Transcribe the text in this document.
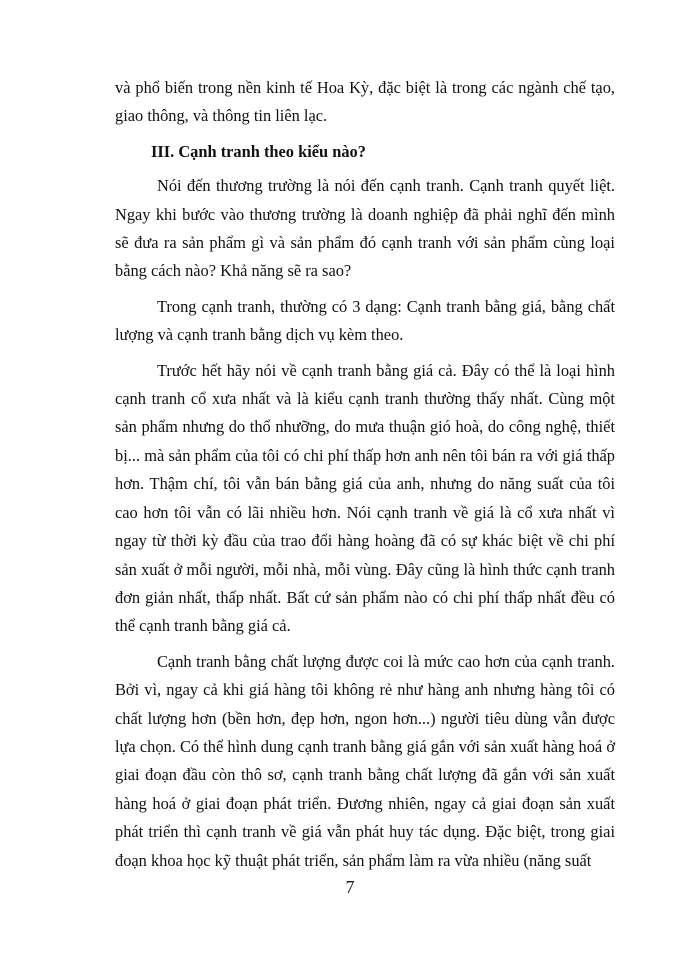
và phổ biến trong nền kinh tế Hoa Kỳ, đặc biệt là trong các ngành chế tạo, giao thông, và thông tin liên lạc.

III. Cạnh tranh theo kiểu nào?

Nói đến thương trường là nói đến cạnh tranh. Cạnh tranh quyết liệt. Ngay khi bước vào thương trường là doanh nghiệp đã phải nghĩ đến mình sẽ đưa ra sản phẩm gì và sản phẩm đó cạnh tranh với sản phẩm cùng loại bằng cách nào? Khả năng sẽ ra sao?

Trong cạnh tranh, thường có 3 dạng: Cạnh tranh bằng giá, bằng chất lượng và cạnh tranh bằng dịch vụ kèm theo.

Trước hết hãy nói về cạnh tranh bằng giá cả. Đây có thể là loại hình cạnh tranh cổ xưa nhất và là kiểu cạnh tranh thường thấy nhất. Cùng một sản phẩm nhưng do thổ nhưỡng, do mưa thuận gió hoà, do công nghệ, thiết bị... mà sản phẩm của tôi có chi phí thấp hơn anh nên tôi bán ra với giá thấp hơn. Thậm chí, tôi vẫn bán bằng giá của anh, nhưng do năng suất của tôi cao hơn tôi vẫn có lãi nhiều hơn. Nói cạnh tranh về giá là cổ xưa nhất vì ngay từ thời kỳ đầu của trao đổi hàng hoàng đã có sự khác biệt về chi phí sản xuất ở mỗi người, mỗi nhà, mỗi vùng. Đây cũng là hình thức cạnh tranh đơn giản nhất, thấp nhất. Bất cứ sản phẩm nào có chi phí thấp nhất đều có thể cạnh tranh bằng giá cả.

Cạnh tranh bằng chất lượng được coi là mức cao hơn của cạnh tranh. Bởi vì, ngay cả khi giá hàng tôi không rẻ như hàng anh nhưng hàng tôi có chất lượng hơn (bền hơn, đẹp hơn, ngon hơn...) người tiêu dùng vẫn được lựa chọn. Có thể hình dung cạnh tranh bằng giá gắn với sản xuất hàng hoá ở giai đoạn đầu còn thô sơ, cạnh tranh bằng chất lượng đã gắn với sản xuất hàng hoá ở giai đoạn phát triển. Đương nhiên, ngay cả giai đoạn sản xuất phát triển thì cạnh tranh về giá vẫn phát huy tác dụng. Đặc biệt, trong giai đoạn khoa học kỹ thuật phát triển, sản phẩm làm ra vừa nhiều (năng suất

7
